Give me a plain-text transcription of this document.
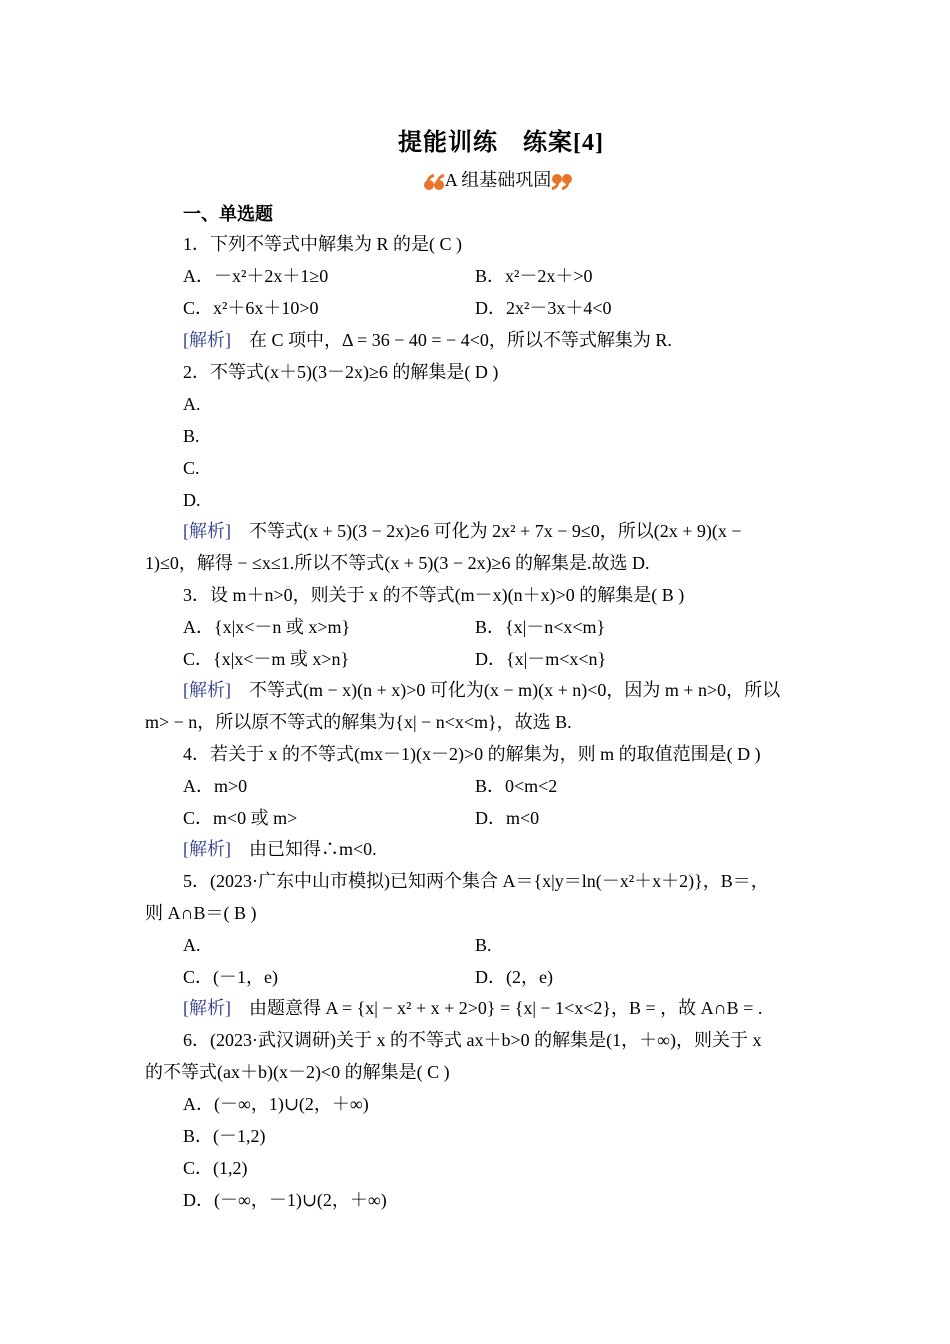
提能训练　练案[4]
A 组基础巩固
一、单选题
1．下列不等式中解集为 R 的是( C )
A．－x²＋2x＋1≥0	B．x²－2x＋>0
C．x²＋6x＋10>0	D．2x²－3x＋4<0
[解析]　 在 C 项中，Δ = 36 − 40 = − 4<0，所以不等式解集为 R.
2．不等式(x＋5)(3－2x)≥6 的解集是( D )
A.
B.
C.
D.
[解析]　 不等式(x + 5)(3 − 2x)≥6 可化为 2x² + 7x − 9≤0，所以(2x + 9)(x −
1)≤0，解得 − ≤x≤1.所以不等式(x + 5)(3 − 2x)≥6 的解集是.故选 D.
3．设 m＋n>0，则关于 x 的不等式(m－x)(n＋x)>0 的解集是( B )
A．{x|x<－n 或 x>m}	B．{x|－n<x<m}
C．{x|x<－m 或 x>n}	D．{x|－m<x<n}
[解析]　 不等式(m − x)(n + x)>0 可化为(x − m)(x + n)<0，因为 m + n>0，所以
m> − n，所以原不等式的解集为{x| − n<x<m}，故选 B.
4．若关于 x 的不等式(mx－1)(x－2)>0 的解集为，则 m 的取值范围是( D )
A．m>0	B．0<m<2
C．m<0 或 m>	D．m<0
[解析]　 由已知得∴m<0.
5．(2023·广东中山市模拟)已知两个集合 A＝{x|y＝ln(－x²＋x＋2)}，B＝，
则 A∩B＝( B )
A.	B.
C．(－1，e)	D．(2，e)
[解析]　 由题意得 A = {x| − x² + x + 2>0} = {x| − 1<x<2}，B = ，故 A∩B = .
6．(2023·武汉调研)关于 x 的不等式 ax＋b>0 的解集是(1，＋∞)，则关于 x
的不等式(ax＋b)(x－2)<0 的解集是( C )
A．(－∞，1)∪(2，＋∞)
B．(－1,2)
C．(1,2)
D．(－∞，－1)∪(2，＋∞)
